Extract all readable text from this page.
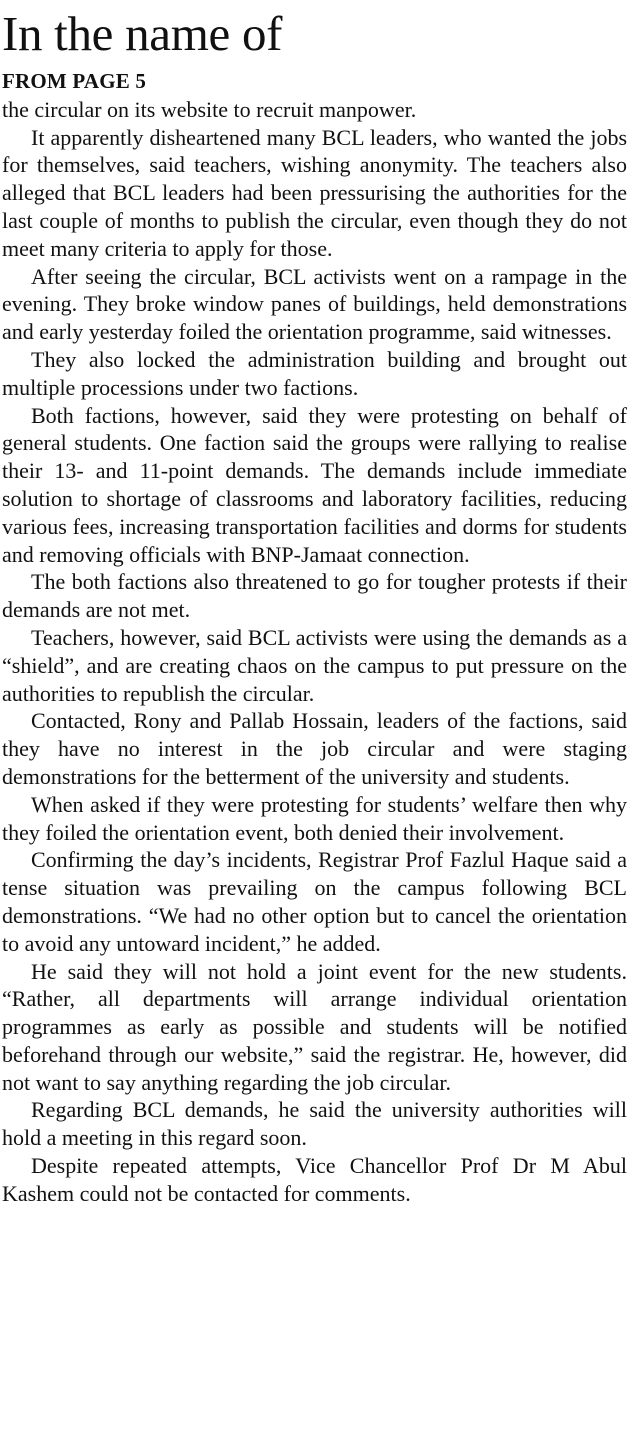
In the name of
FROM PAGE 5

the circular on its website to recruit manpower.

It apparently disheartened many BCL leaders, who wanted the jobs for themselves, said teachers, wishing anonymity. The teachers also alleged that BCL leaders had been pressurising the authorities for the last couple of months to publish the circular, even though they do not meet many criteria to apply for those.

After seeing the circular, BCL activists went on a rampage in the evening. They broke window panes of buildings, held demonstrations and early yesterday foiled the orientation programme, said witnesses.

They also locked the administration building and brought out multiple processions under two factions.

Both factions, however, said they were protesting on behalf of general students. One faction said the groups were rallying to realise their 13- and 11-point demands. The demands include immediate solution to shortage of classrooms and laboratory facilities, reducing various fees, increasing transportation facilities and dorms for students and removing officials with BNP-Jamaat connection.

The both factions also threatened to go for tougher protests if their demands are not met.

Teachers, however, said BCL activists were using the demands as a “shield”, and are creating chaos on the campus to put pressure on the authorities to republish the circular.

Contacted, Rony and Pallab Hossain, leaders of the factions, said they have no interest in the job circular and were staging demonstrations for the betterment of the university and students.

When asked if they were protesting for students’ welfare then why they foiled the orientation event, both denied their involvement.

Confirming the day’s incidents, Registrar Prof Fazlul Haque said a tense situation was prevailing on the campus following BCL demonstrations. “We had no other option but to cancel the orientation to avoid any untoward incident,” he added.

He said they will not hold a joint event for the new students. “Rather, all departments will arrange individual orientation programmes as early as possible and students will be notified beforehand through our website,” said the registrar. He, however, did not want to say anything regarding the job circular.

Regarding BCL demands, he said the university authorities will hold a meeting in this regard soon.

Despite repeated attempts, Vice Chancellor Prof Dr M Abul Kashem could not be contacted for comments.
